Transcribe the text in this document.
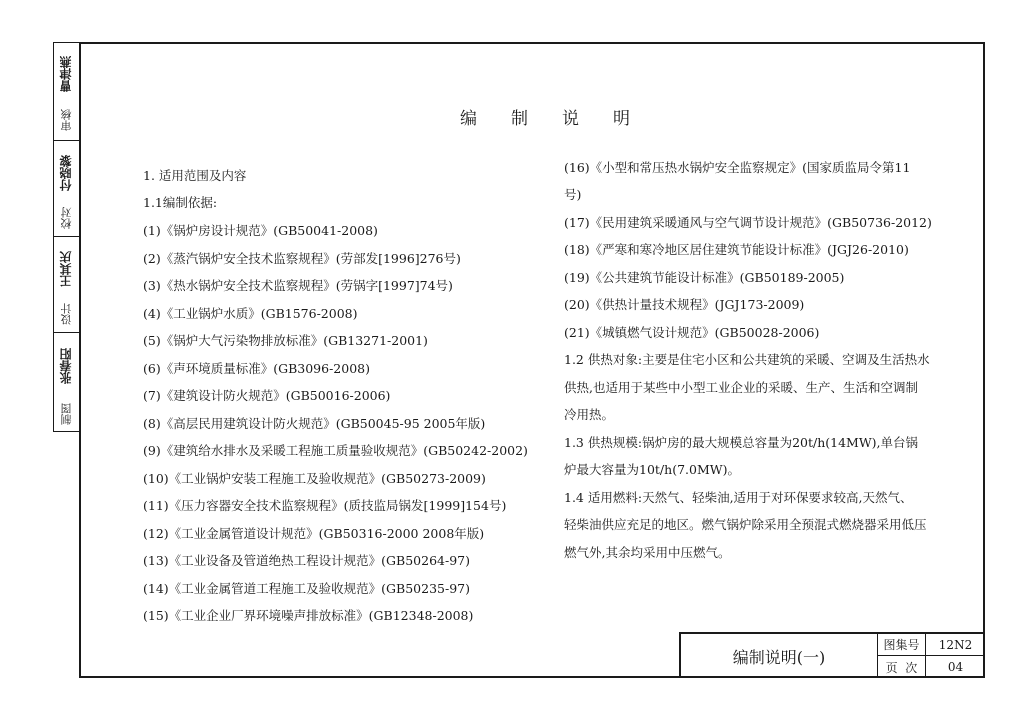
曹津燕
审核
付晓黎
校对
王其庆
设计
张春阳
制图
编制说明
1. 适用范围及内容
1.1编制依据:
(1)《锅炉房设计规范》(GB50041-2008)
(2)《蒸汽锅炉安全技术监察规程》(劳部发[1996]276号)
(3)《热水锅炉安全技术监察规程》(劳锅字[1997]74号)
(4)《工业锅炉水质》(GB1576-2008)
(5)《锅炉大气污染物排放标准》(GB13271-2001)
(6)《声环境质量标准》(GB3096-2008)
(7)《建筑设计防火规范》(GB50016-2006)
(8)《高层民用建筑设计防火规范》(GB50045-95 2005年版)
(9)《建筑给水排水及采暖工程施工质量验收规范》(GB50242-2002)
(10)《工业锅炉安装工程施工及验收规范》(GB50273-2009)
(11)《压力容器安全技术监察规程》(质技监局锅发[1999]154号)
(12)《工业金属管道设计规范》(GB50316-2000 2008年版)
(13)《工业设备及管道绝热工程设计规范》(GB50264-97)
(14)《工业金属管道工程施工及验收规范》(GB50235-97)
(15)《工业企业厂界环境噪声排放标准》(GB12348-2008)
(16)《小型和常压热水锅炉安全监察规定》(国家质监局令第11
号)
(17)《民用建筑采暖通风与空气调节设计规范》(GB50736-2012)
(18)《严寒和寒冷地区居住建筑节能设计标准》(JGJ26-2010)
(19)《公共建筑节能设计标准》(GB50189-2005)
(20)《供热计量技术规程》(JGJ173-2009)
(21)《城镇燃气设计规范》(GB50028-2006)
1.2 供热对象:主要是住宅小区和公共建筑的采暖、空调及生活热水
供热,也适用于某些中小型工业企业的采暖、生产、生活和空调制
冷用热。
1.3 供热规模:锅炉房的最大规模总容量为20t/h(14MW),单台锅
炉最大容量为10t/h(7.0MW)。
1.4 适用燃料:天然气、轻柴油,适用于对环保要求较高,天然气、
轻柴油供应充足的地区。燃气锅炉除采用全预混式燃烧器采用低压
燃气外,其余均采用中压燃气。
编制说明(一)
图集号	12N2
页  次	04
